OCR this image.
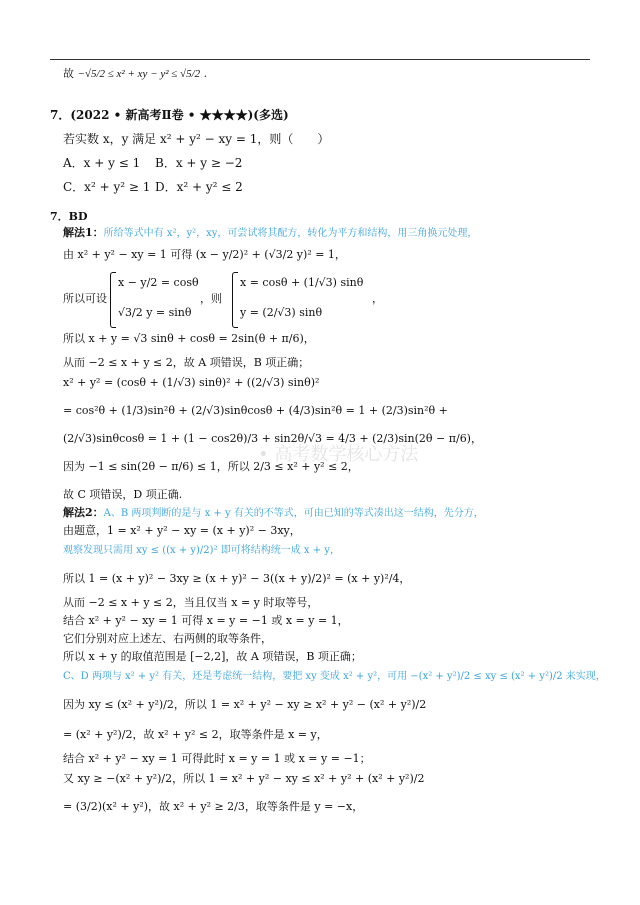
故 −√5/2 ≤ x² + xy − y² ≤ √5/2 .
7．(2022 • 新高考Ⅱ卷 • ★★★★)(多选)
若实数 x，y 满足 x² + y² − xy = 1，则（　　）
A．x + y ≤ 1 B．x + y ≥ −2
C．x² + y² ≥ 1 D．x² + y² ≤ 2
7．BD
解法1：所给等式中有 x²，y²，xy，可尝试将其配方，转化为平方和结构，用三角换元处理，
由 x² + y² − xy = 1 可得 (x − y/2)² + (√3/2 y)² = 1，
所以可设
x − y/2 = cosθ
√3/2 y = sinθ
，则
x = cosθ + (1/√3) sinθ
y = (2/√3) sinθ
，
所以 x + y = √3 sinθ + cosθ = 2sin(θ + π/6)，
从而 −2 ≤ x + y ≤ 2，故 A 项错误，B 项正确；
x² + y² = (cosθ + (1/√3) sinθ)² + ((2/√3) sinθ)²
= cos²θ + (1/3)sin²θ + (2/√3)sinθcosθ + (4/3)sin²θ = 1 + (2/3)sin²θ +
(2/√3)sinθcosθ = 1 + (1 − cos2θ)/3 + sin2θ/√3 = 4/3 + (2/3)sin(2θ − π/6)，
因为 −1 ≤ sin(2θ − π/6) ≤ 1，所以 2/3 ≤ x² + y² ≤ 2，
• 高考数学核心方法
故 C 项错误，D 项正确.
解法2：A、B 两项判断的是与 x + y 有关的不等式，可由已知的等式凑出这一结构，先分方，
由题意，1 = x² + y² − xy = (x + y)² − 3xy，
观察发现只需用 xy ≤ ((x + y)/2)² 即可将结构统一成 x + y，
所以 1 = (x + y)² − 3xy ≥ (x + y)² − 3((x + y)/2)² = (x + y)²/4，
从而 −2 ≤ x + y ≤ 2，当且仅当 x = y 时取等号，
结合 x² + y² − xy = 1 可得 x = y = −1 或 x = y = 1，
它们分别对应上述左、右两侧的取等条件，
所以 x + y 的取值范围是 [−2,2]，故 A 项错误，B 项正确；
C、D 两项与 x² + y² 有关，还是考虑统一结构，要把 xy 变成 x² + y²，可用 −(x² + y²)/2 ≤ xy ≤ (x² + y²)/2 来实现，
因为 xy ≤ (x² + y²)/2，所以 1 = x² + y² − xy ≥ x² + y² − (x² + y²)/2
= (x² + y²)/2，故 x² + y² ≤ 2，取等条件是 x = y，
结合 x² + y² − xy = 1 可得此时 x = y = 1 或 x = y = −1；
又 xy ≥ −(x² + y²)/2，所以 1 = x² + y² − xy ≤ x² + y² + (x² + y²)/2
= (3/2)(x² + y²)，故 x² + y² ≥ 2/3，取等条件是 y = −x，
